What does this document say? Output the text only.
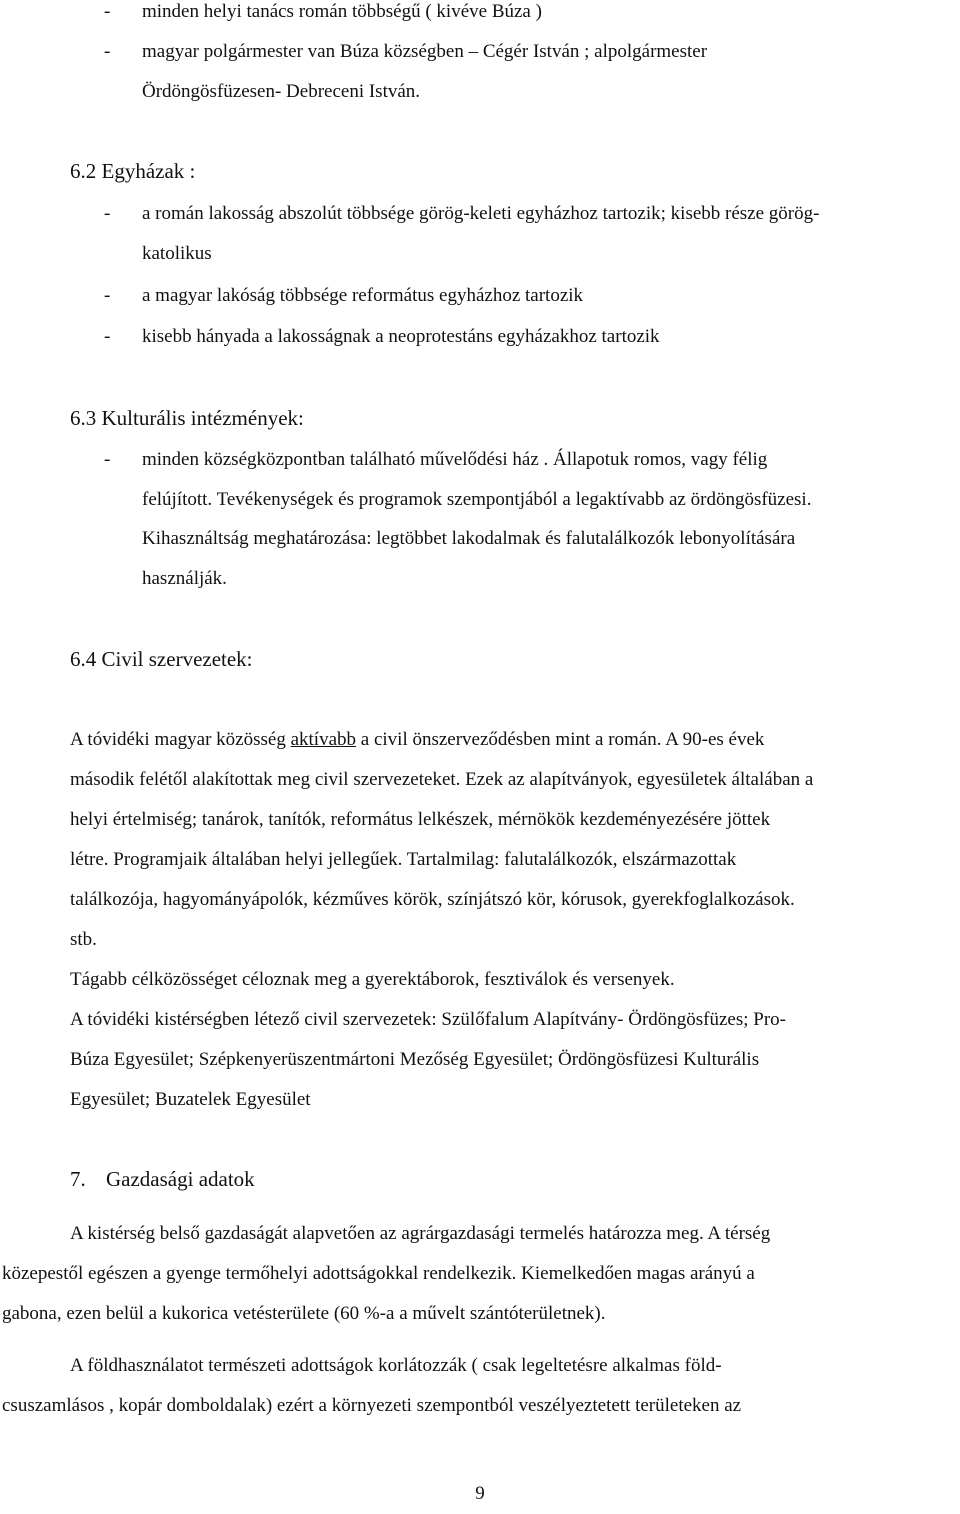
- minden helyi tanács román többségű ( kivéve Búza )

- magyar polgármester van Búza községben – Cégér István ; alpolgármester

Ördöngösfüzesen- Debreceni István.

6.2 Egyházak :

- a román lakosság abszolút többsége görög-keleti egyházhoz tartozik; kisebb része görög-

katolikus

- a magyar lakóság többsége református egyházhoz tartozik

- kisebb hányada a lakosságnak a neoprotestáns egyházakhoz tartozik

6.3 Kulturális intézmények:

- minden községközpontban található művelődési ház . Állapotuk romos, vagy félig

felújított. Tevékenységek és programok szempontjából a legaktívabb az ördöngösfüzesi.

Kihasználtság meghatározása: legtöbbet lakodalmak és falutalálkozók lebonyolítására

használják.

6.4 Civil szervezetek:

A tóvidéki magyar közösség aktívabb a civil önszerveződésben mint a román. A 90-es évek

második felétől alakítottak meg civil szervezeteket. Ezek az alapítványok, egyesületek általában a

helyi értelmiség; tanárok, tanítók, református lelkészek, mérnökök kezdeményezésére jöttek

létre. Programjaik általában helyi jellegűek. Tartalmilag: falutalálkozók, elszármazottak

találkozója, hagyományápolók, kézműves körök, színjátszó kör, kórusok, gyerekfoglalkozások.

stb.

Tágabb célközösséget céloznak meg a gyerektáborok, fesztiválok és versenyek.

A tóvidéki kistérségben létező civil szervezetek: Szülőfalum Alapítvány- Ördöngösfüzes; Pro-

Búza Egyesület; Szépkenyerüszentmártoni Mezőség Egyesület; Ördöngösfüzesi Kulturális

Egyesület; Buzatelek Egyesület

7. Gazdasági adatok

A kistérség belső gazdaságát alapvetően az agrárgazdasági termelés határozza meg. A térség

közepestől egészen a gyenge termőhelyi adottságokkal rendelkezik. Kiemelkedően magas arányú a

gabona, ezen belül a kukorica vetésterülete (60 %-a a művelt szántóterületnek).

A földhasználatot természeti adottságok korlátozzák ( csak legeltetésre alkalmas föld-

csuszamlásos , kopár domboldalak) ezért a környezeti szempontból veszélyeztetett területeken az

9
